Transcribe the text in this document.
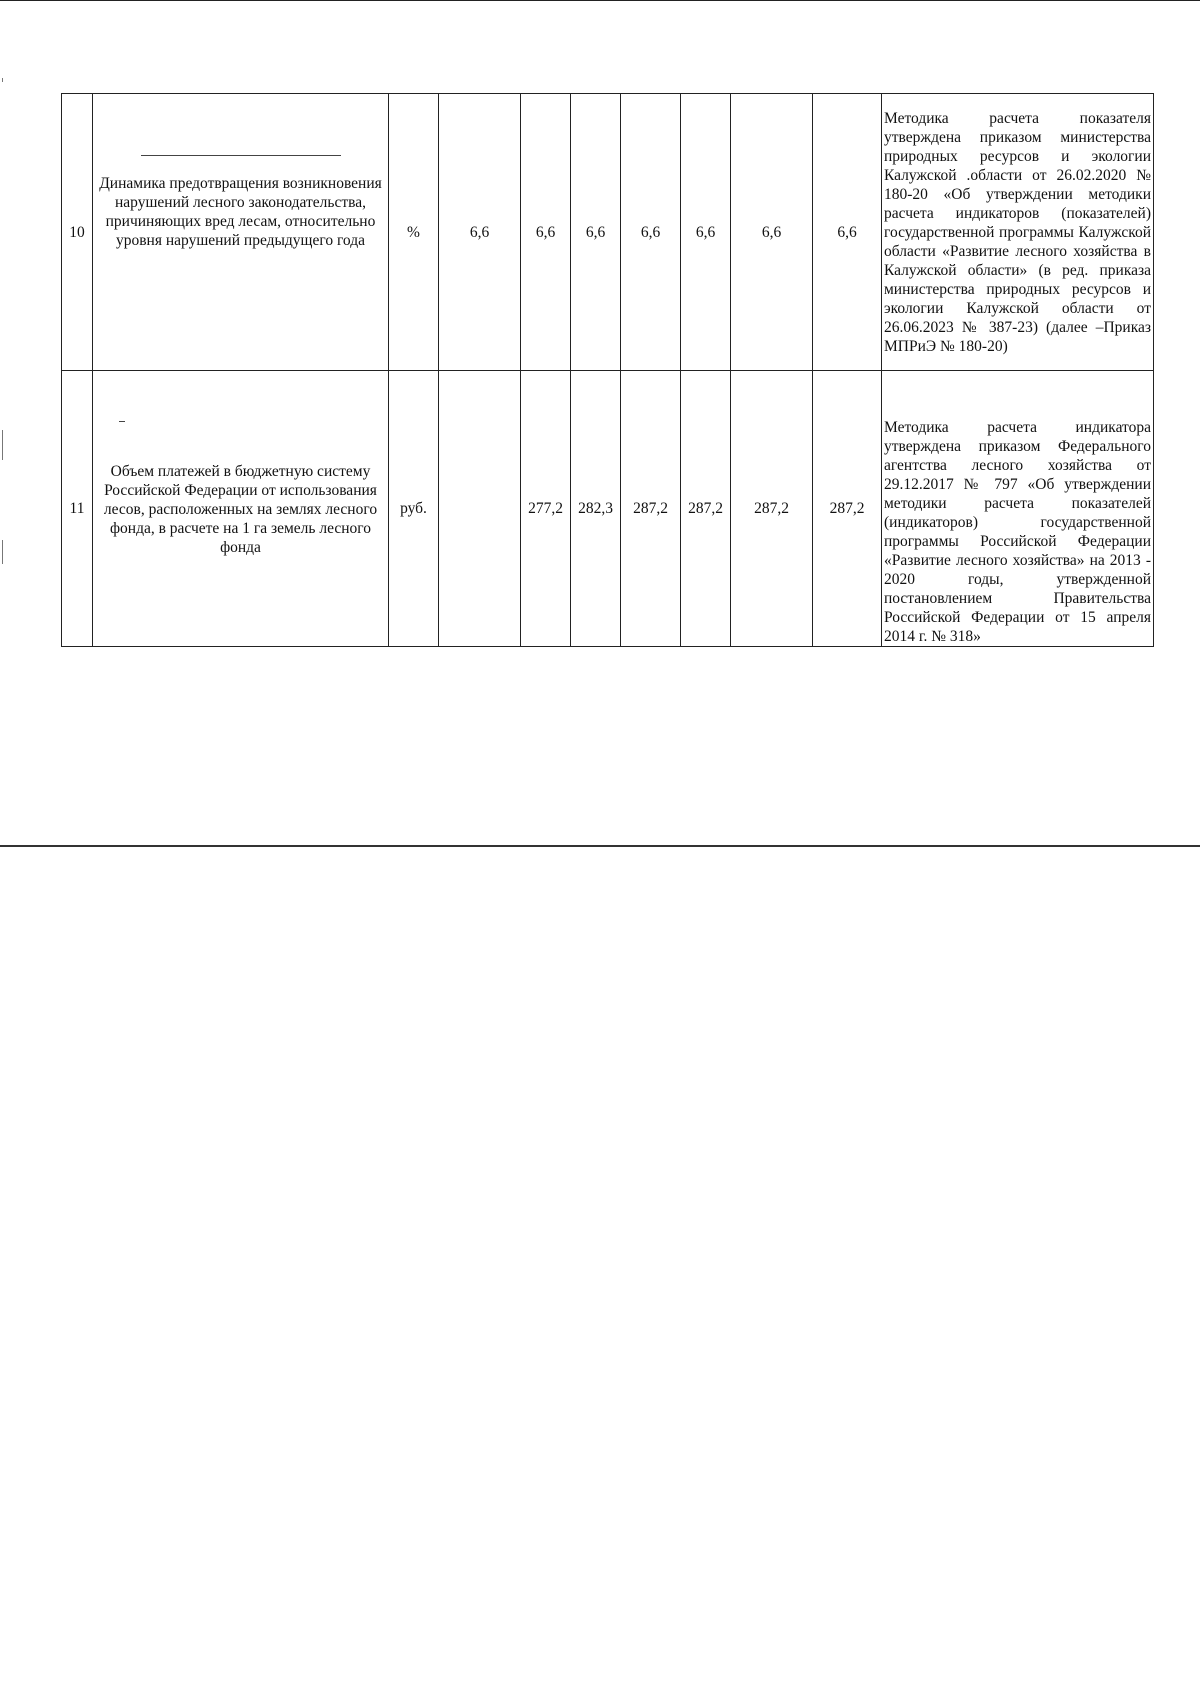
10	Динамика предотвращения возникновения нарушений лесного законодательства, причиняющих вред лесам, относительно уровня нарушений предыдущего года	%	6,6	6,6	6,6	6,6	6,6	6,6	6,6	Методика расчета показателя утверждена приказом министерства природных ресурсов и экологии Калужской .области от 26.02.2020 № 180-20 «Об утверждении методики расчета индикаторов (показателей) государственной программы Калужской области «Развитие лесного хозяйства в Калужской области» (в ред. приказа министерства природных ресурсов и экологии Калужской области от 26.06.2023 № 387-23) (далее –Приказ МПРиЭ № 180-20)
11	Объем платежей в бюджетную систему Российской Федерации от использования лесов, расположенных на землях лесного фонда, в расчете на 1 га земель лесного фонда	руб.		277,2	282,3	287,2	287,2	287,2	287,2	Методика расчета индикатора утверждена приказом Федерального агентства лесного хозяйства от 29.12.2017 № 797 «Об утверждении методики расчета показателей (индикаторов) государственной программы Российской Федерации «Развитие лесного хозяйства» на 2013 - 2020 годы, утвержденной постановлением Правительства Российской Федерации от 15 апреля 2014 г. № 318»
